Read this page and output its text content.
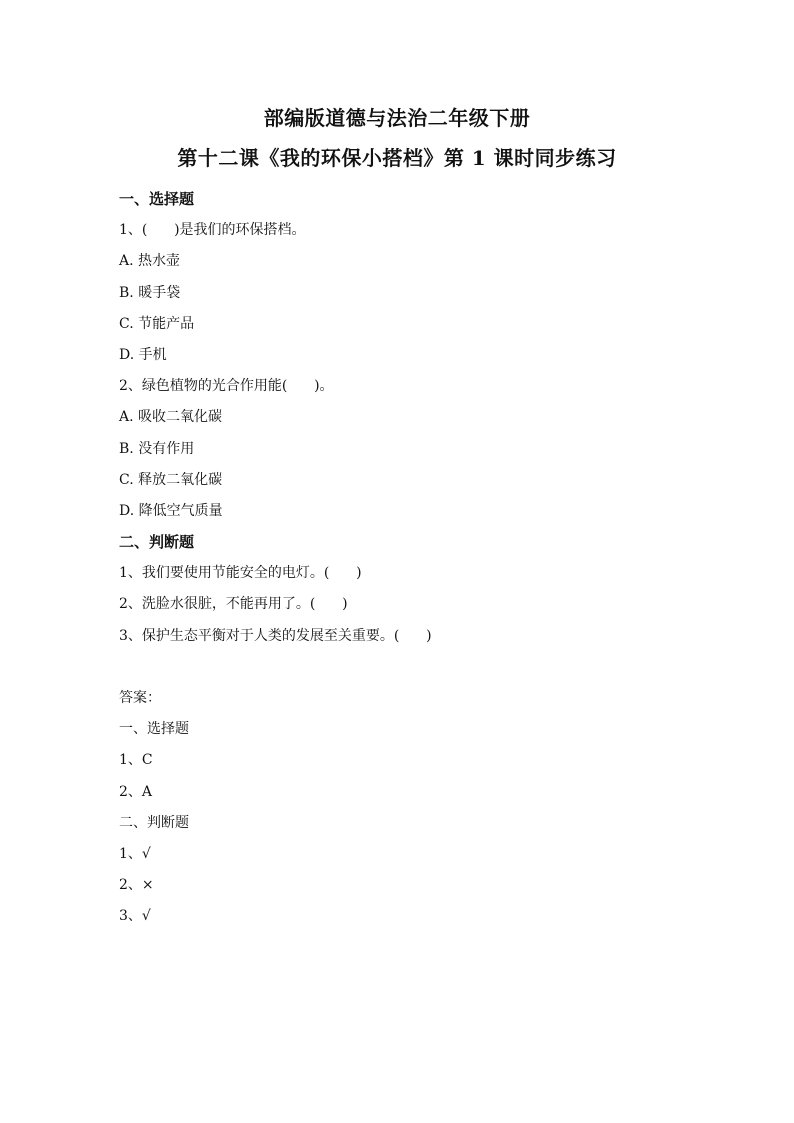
部编版道德与法治二年级下册
第十二课《我的环保小搭档》第 1 课时同步练习
一、选择题
1、(      )是我们的环保搭档。
A. 热水壶
B. 暖手袋
C. 节能产品
D. 手机
2、绿色植物的光合作用能(      )。
A. 吸收二氧化碳
B. 没有作用
C. 释放二氧化碳
D. 降低空气质量
二、判断题
1、我们要使用节能安全的电灯。(      )
2、洗脸水很脏，不能再用了。(      )
3、保护生态平衡对于人类的发展至关重要。(      )
答案：
一、选择题
1、C
2、A
二、判断题
1、√
2、×
3、√
